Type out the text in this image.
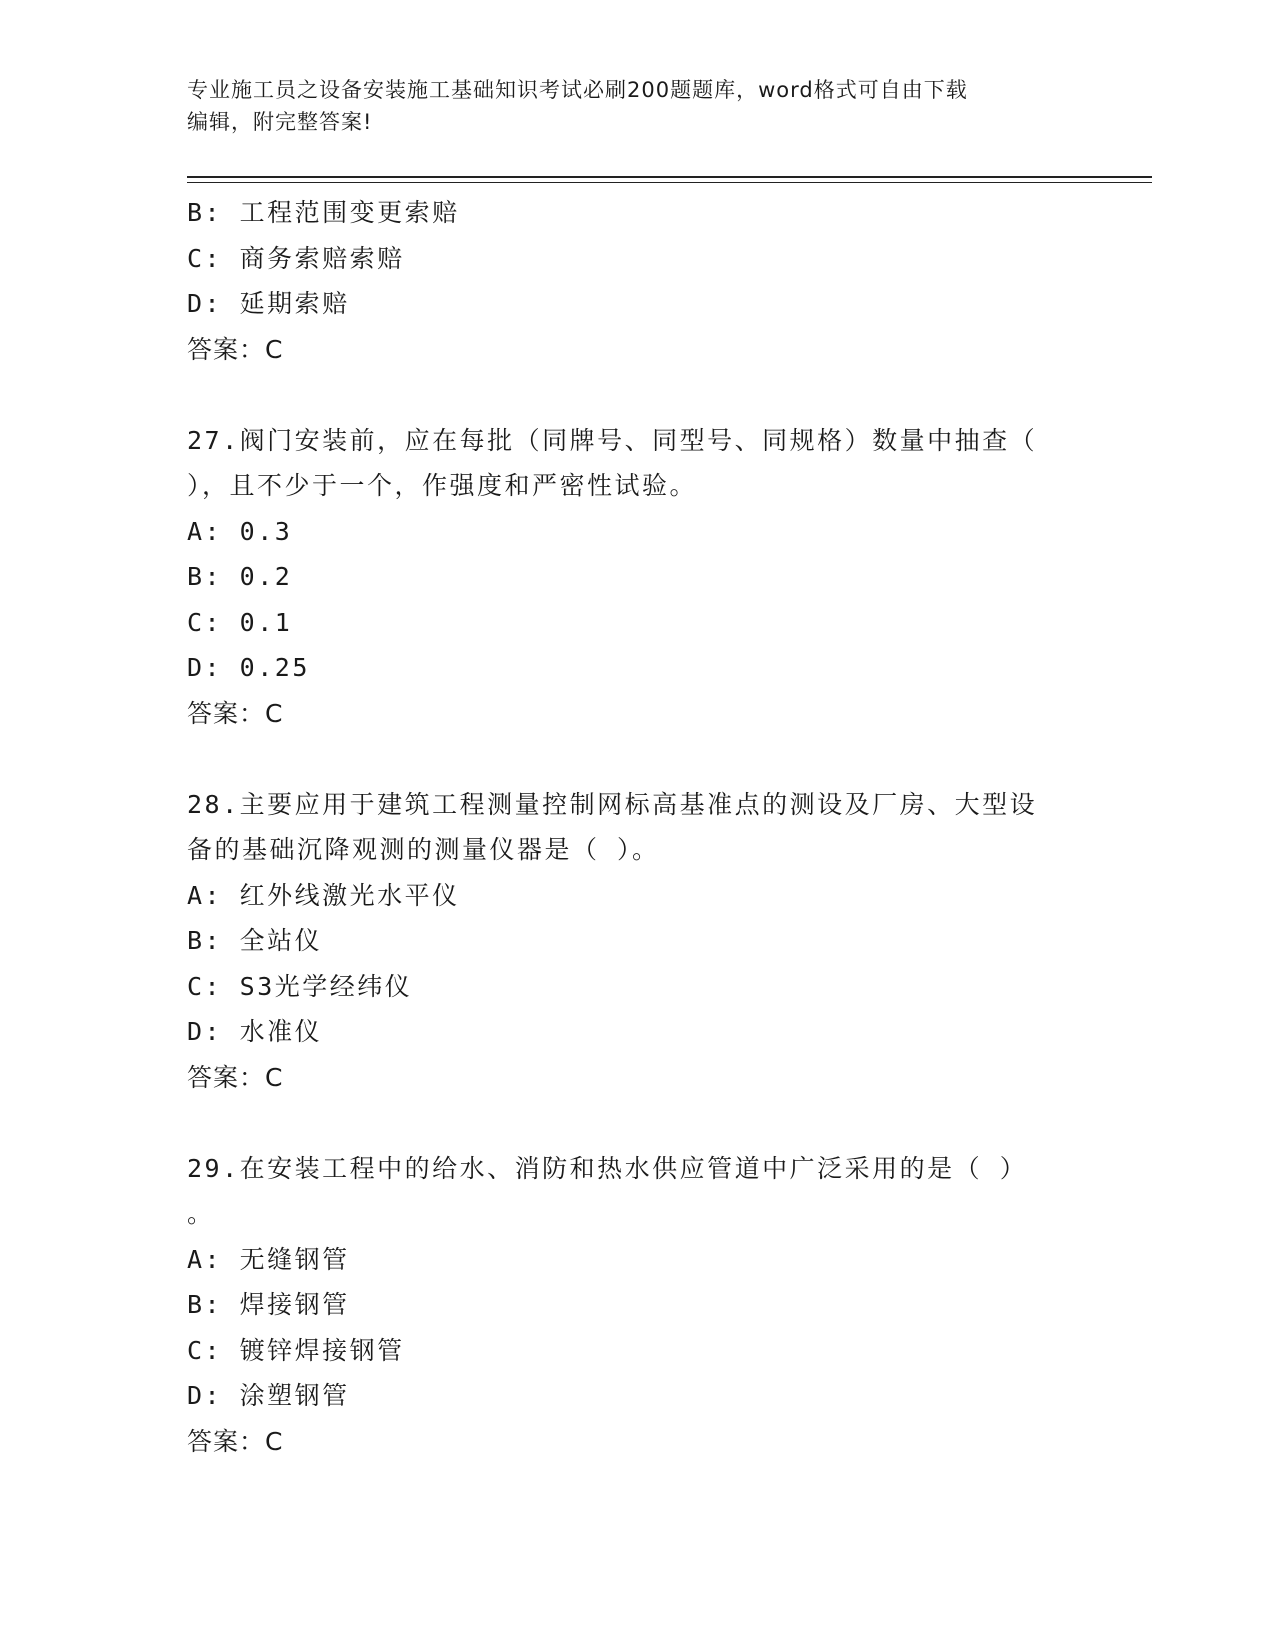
专业施工员之设备安装施工基础知识考试必刷200题题库，word格式可自由下载
编辑，附完整答案!
B: 工程范围变更索赔
C: 商务索赔索赔
D: 延期索赔
答案：C
27.阀门安装前，应在每批（同牌号、同型号、同规格）数量中抽查（
），且不少于一个，作强度和严密性试验。
A: 0.3
B: 0.2
C: 0.1
D: 0.25
答案：C
28.主要应用于建筑工程测量控制网标高基准点的测设及厂房、大型设
备的基础沉降观测的测量仪器是（ ）。
A: 红外线激光水平仪
B: 全站仪
C: S3光学经纬仪
D: 水准仪
答案：C
29.在安装工程中的给水、消防和热水供应管道中广泛采用的是（ ）
。
A: 无缝钢管
B: 焊接钢管
C: 镀锌焊接钢管
D: 涂塑钢管
答案：C
